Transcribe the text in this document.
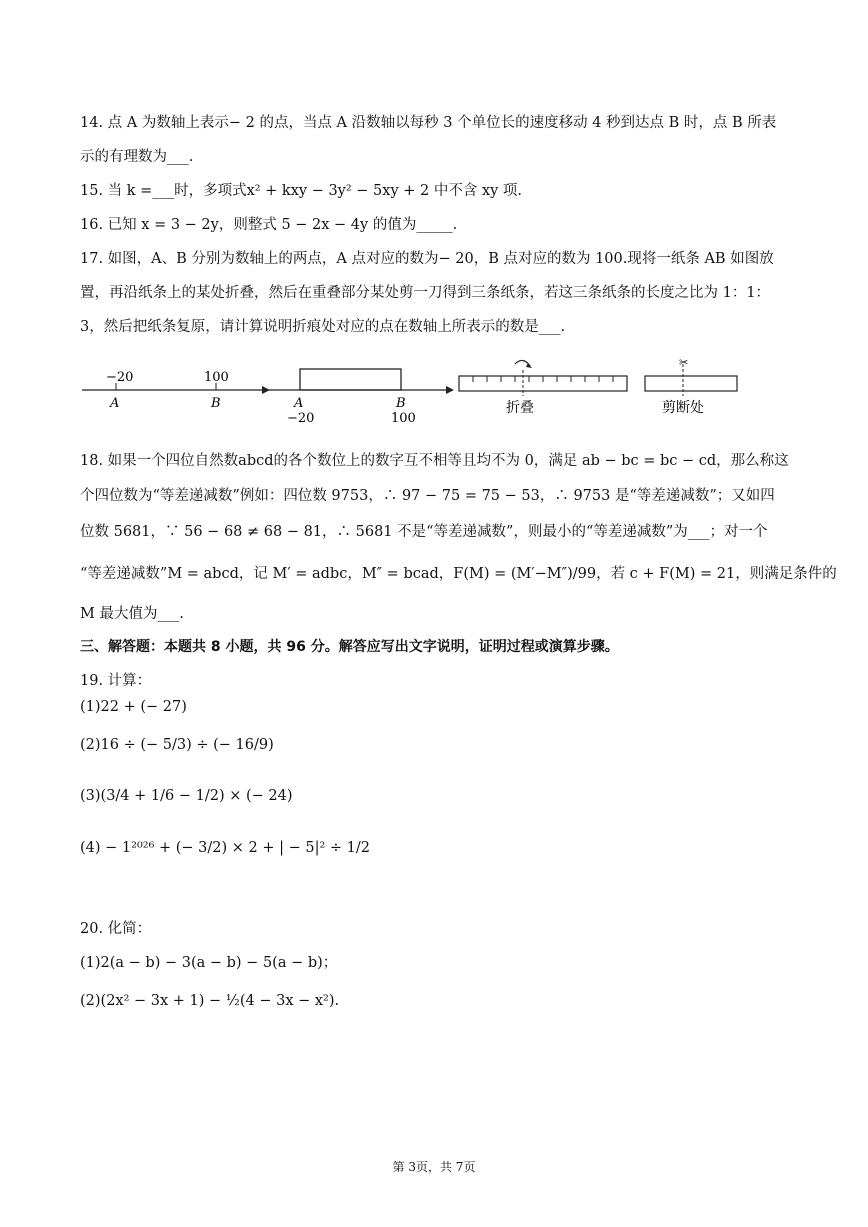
14. 点 A 为数轴上表示− 2 的点，当点 A 沿数轴以每秒 3 个单位长的速度移动 4 秒到达点 B 时，点 B 所表
示的有理数为___.
15. 当 k =___时，多项式x² + kxy − 3y² − 5xy + 2 中不含 xy 项.
16. 已知 x = 3 − 2y，则整式 5 − 2x − 4y 的值为_____.
17. 如图，A、B 分别为数轴上的两点，A 点对应的数为− 20，B 点对应的数为 100.现将一纸条 AB 如图放
置，再沿纸条上的某处折叠，然后在重叠部分某处剪一刀得到三条纸条，若这三条纸条的长度之比为 1：1：
3，然后把纸条复原，请计算说明折痕处对应的点在数轴上所表示的数是___.
−20	100
A	B	A	B
−20	100
折叠
✂
剪断处
18. 如果一个四位自然数abcd的各个数位上的数字互不相等且均不为 0，满足 ab − bc = bc − cd，那么称这
个四位数为“等差递减数”例如：四位数 9753，∴ 97 − 75 = 75 − 53，∴ 9753 是“等差递减数”；又如四
位数 5681，∵ 56 − 68 ≠ 68 − 81，∴ 5681 不是“等差递减数”，则最小的“等差递减数”为___；对一个
“等差递减数”M = abcd，记 M′ = adbc，M″ = bcad，F(M) = (M′−M″)/99，若 c + F(M) = 21，则满足条件的
M 最大值为___.
三、解答题：本题共 8 小题，共 96 分。解答应写出文字说明，证明过程或演算步骤。
19. 计算：
(1)22 + (− 27)
(2)16 ÷ (− 5/3) ÷ (− 16/9)
(3)(3/4 + 1/6 − 1/2) × (− 24)
(4) − 1²⁰²⁶ + (− 3/2) × 2 + | − 5|² ÷ 1/2
20. 化简：
(1)2(a − b) − 3(a − b) − 5(a − b)；
(2)(2x² − 3x + 1) − ½(4 − 3x − x²).
第 3页，共 7页
